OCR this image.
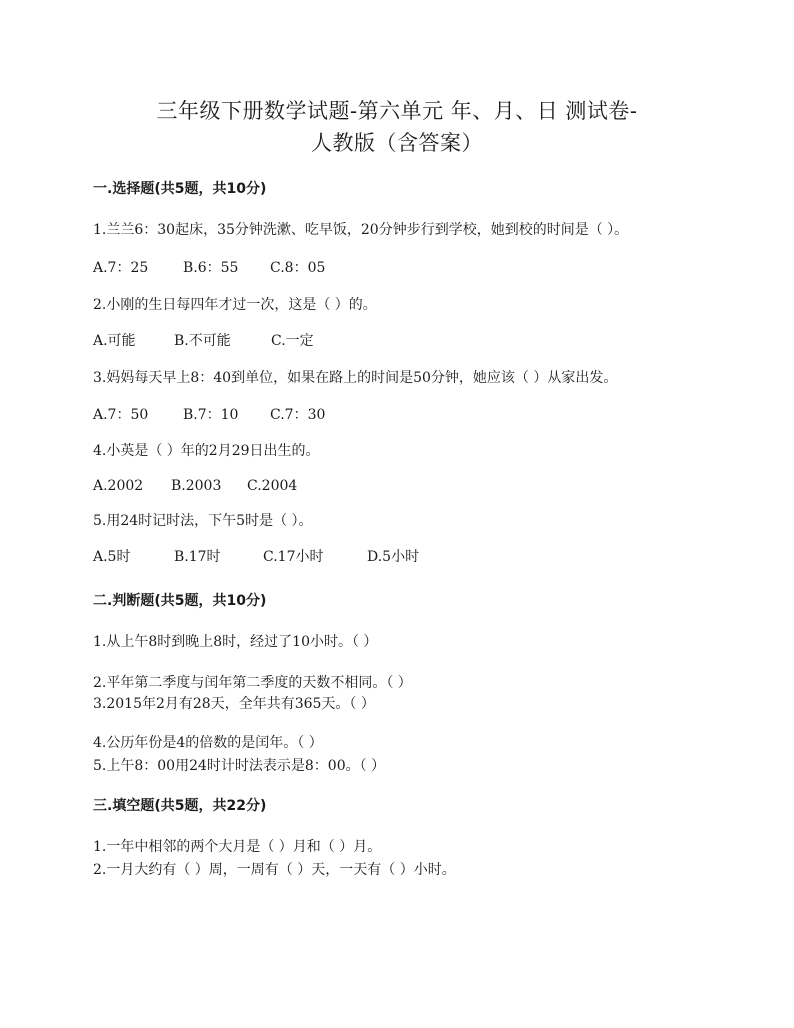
三年级下册数学试题-第六单元 年、月、日 测试卷-
人教版（含答案）
一.选择题(共5题，共10分)
1.兰兰6：30起床，35分钟洗漱、吃早饭，20分钟步行到学校，她到校的时间是（ ）。
A.7：25 B.6：55 C.8：05
2.小刚的生日每四年才过一次，这是（ ）的。
A.可能	B.不可能	C.一定
3.妈妈每天早上8：40到单位，如果在路上的时间是50分钟，她应该（ ）从家出发。
A.7：50 B.7：10 C.7：30
4.小英是（ ）年的2月29日出生的。
A.2002 B.2003 C.2004
5.用24时记时法，下午5时是（ ）。
A.5时	B.17时	C.17小时	D.5小时
二.判断题(共5题，共10分)
1.从上午8时到晚上8时，经过了10小时。（ ）
2.平年第二季度与闰年第二季度的天数不相同。（ ）
3.2015年2月有28天，全年共有365天。（ ）
4.公历年份是4的倍数的是闰年。（ ）
5.上午8：00用24时计时法表示是8：00。（ ）
三.填空题(共5题，共22分)
1.一年中相邻的两个大月是（ ）月和（ ）月。
2.一月大约有（ ）周，一周有（ ）天，一天有（ ）小时。
